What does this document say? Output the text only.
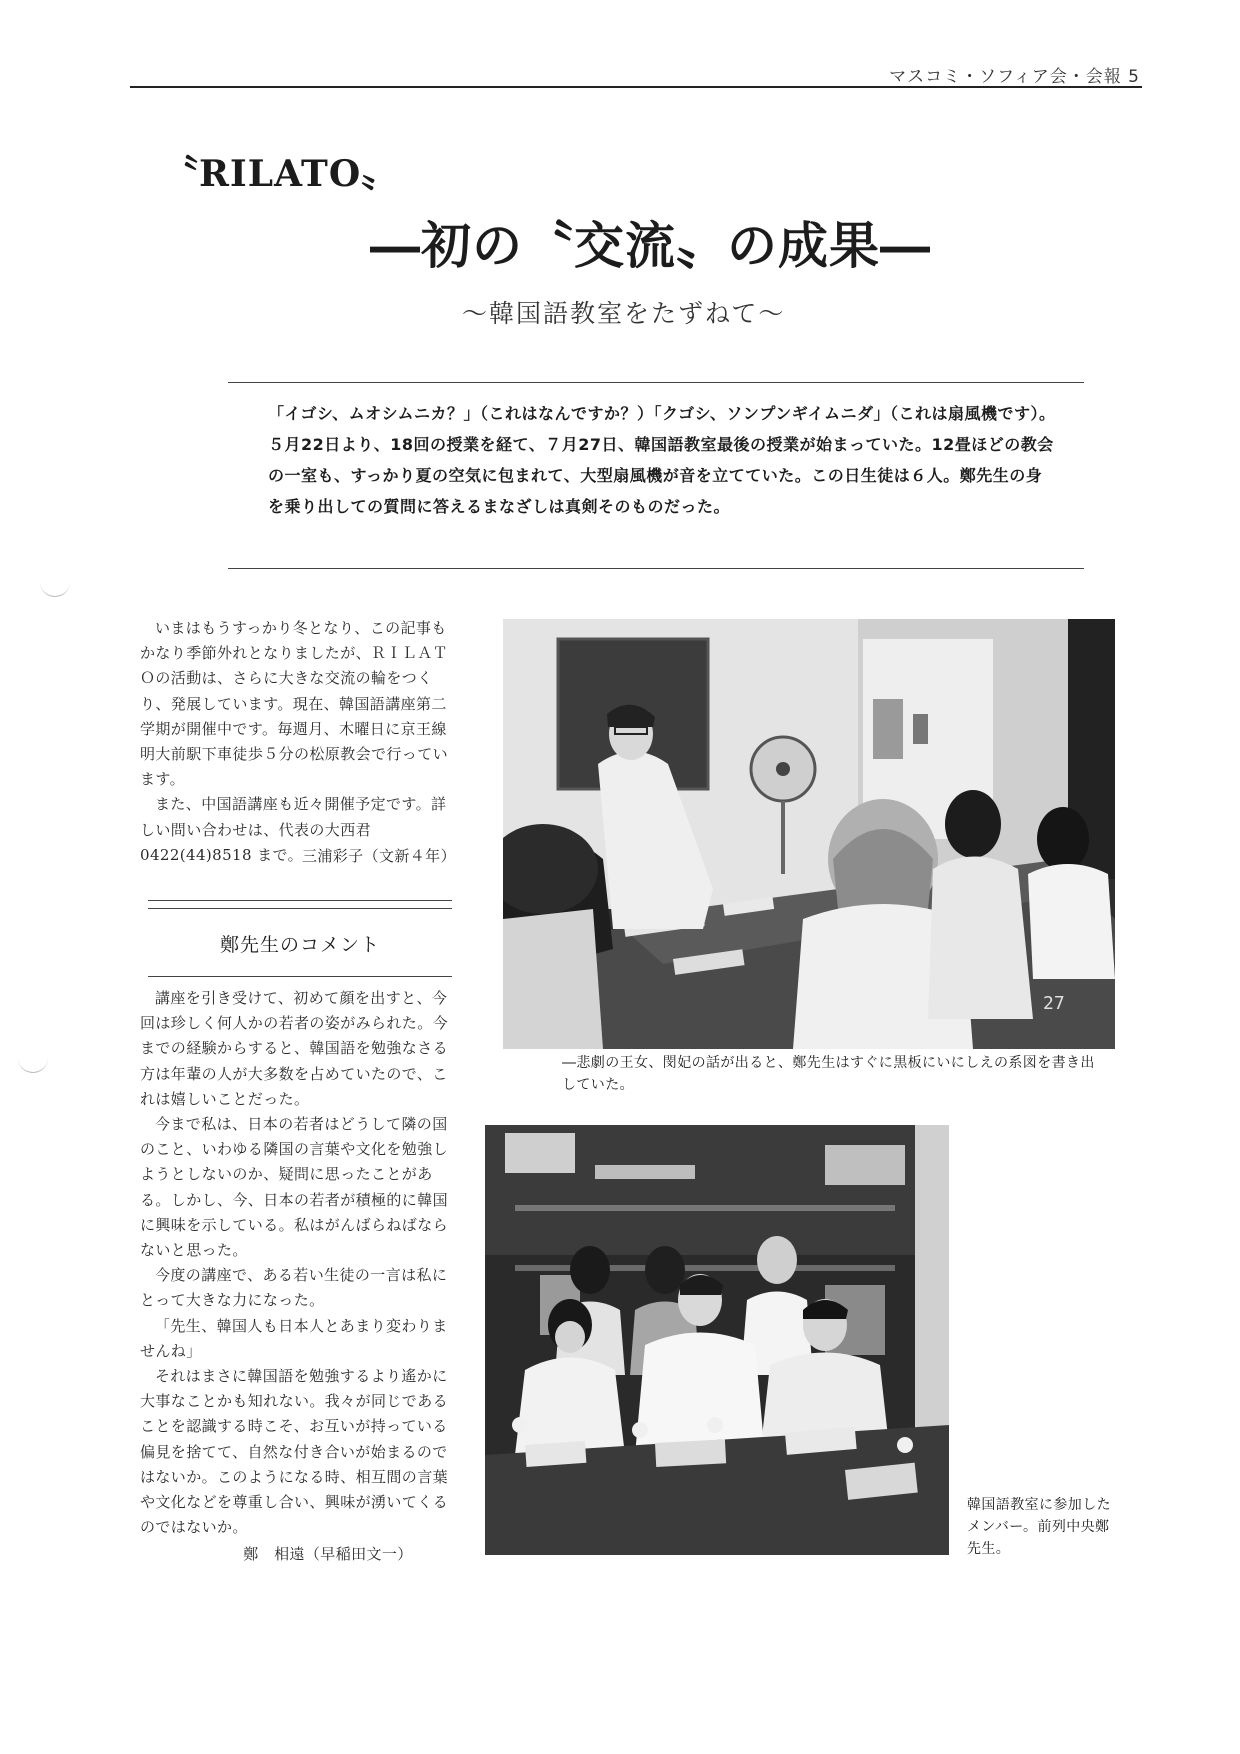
マスコミ・ソフィア会・会報 5
〝RILATO〟
―初の〝交流〟の成果―
〜韓国語教室をたずねて〜
「イゴシ、ムオシムニカ？」（これはなんですか？）「クゴシ、ソンプンギイムニダ」（これは扇風機です）。
５月22日より、18回の授業を経て、７月27日、韓国語教室最後の授業が始まっていた。12畳ほどの教会の一室も、すっかり夏の空気に包まれて、大型扇風機が音を立てていた。この日生徒は６人。鄭先生の身を乗り出しての質問に答えるまなざしは真剣そのものだった。

いまはもうすっかり冬となり、この記事もかなり季節外れとなりましたが、ＲＩＬＡＴＯの活動は、さらに大きな交流の輪をつくり、発展しています。現在、韓国語講座第二学期が開催中です。毎週月、木曜日に京王線明大前駅下車徒歩５分の松原教会で行っています。

また、中国語講座も近々開催予定です。詳しい問い合わせは、代表の大西君 0422(44)8518 まで。

三浦彩子（文新４年）
鄭先生のコメント

講座を引き受けて、初めて顔を出すと、今回は珍しく何人かの若者の姿がみられた。今までの経験からすると、韓国語を勉強なさる方は年輩の人が大多数を占めていたので、これは嬉しいことだった。

今まで私は、日本の若者はどうして隣の国のこと、いわゆる隣国の言葉や文化を勉強しようとしないのか、疑問に思ったことがある。しかし、今、日本の若者が積極的に韓国に興味を示している。私はがんばらねばならないと思った。

今度の講座で、ある若い生徒の一言は私にとって大きな力になった。

「先生、韓国人も日本人とあまり変わりませんね」

それはまさに韓国語を勉強するより遙かに大事なことかも知れない。我々が同じであることを認識する時こそ、お互いが持っている偏見を捨てて、自然な付き合いが始まるのではないか。このようになる時、相互間の言葉や文化などを尊重し合い、興味が湧いてくるのではないか。

鄭　相遠（早稲田文一）
27
―悲劇の王女、閔妃の話が出ると、鄭先生はすぐに黒板にいにしえの系図を書き出していた。
韓国語教室に参加したメンバー。前列中央鄭先生。
